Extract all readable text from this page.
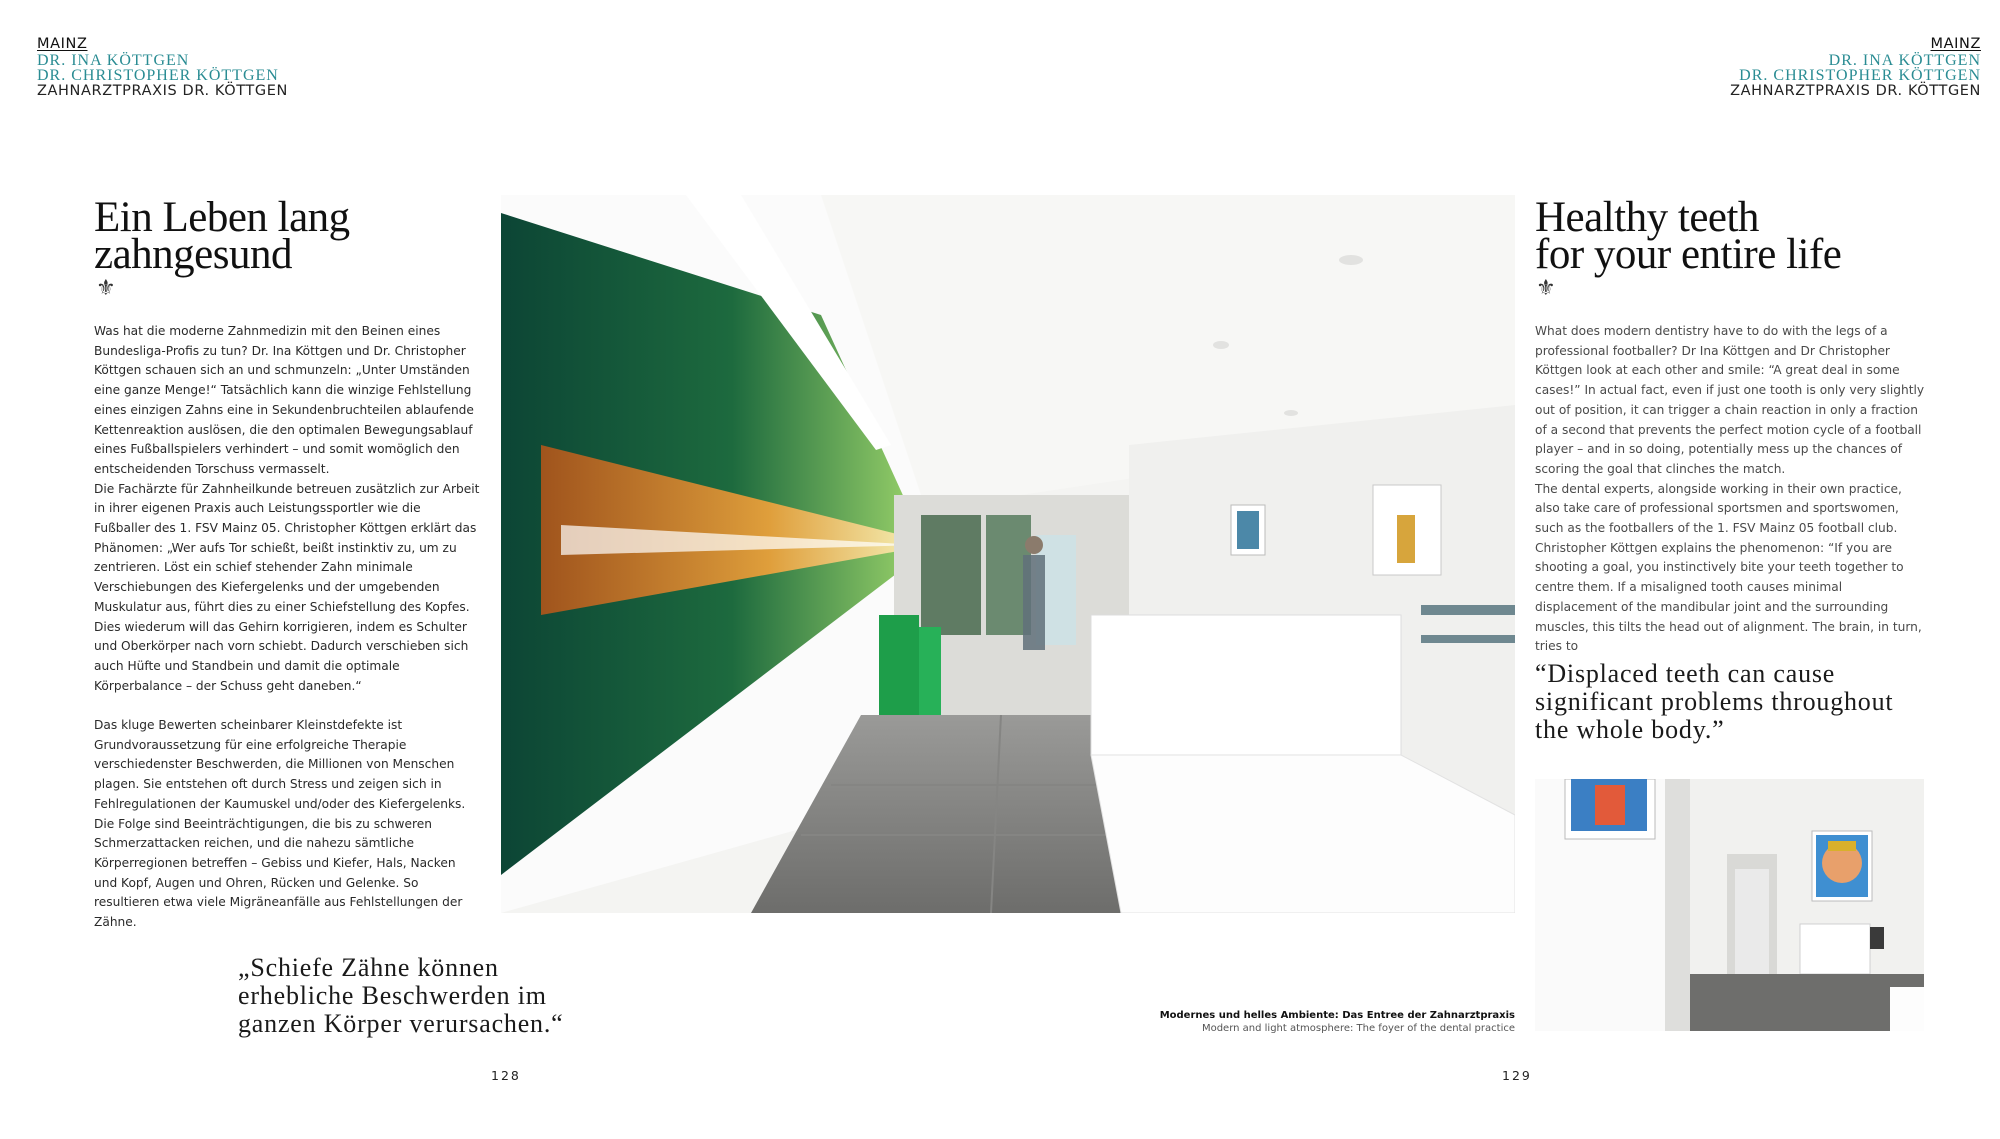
MAINZ
DR. INA KÖTTGEN
DR. CHRISTOPHER KÖTTGEN
ZAHNARZTPRAXIS DR. KÖTTGEN
MAINZ
DR. INA KÖTTGEN
DR. CHRISTOPHER KÖTTGEN
ZAHNARZTPRAXIS DR. KÖTTGEN
Ein Leben lang
zahngesund
⚜

Was hat die moderne Zahnmedizin mit den Beinen eines Bundesliga-Profis zu tun? Dr. Ina Köttgen und Dr. Christopher Köttgen schauen sich an und schmunzeln: „Unter Umständen eine ganze Menge!“ Tatsächlich kann die winzige Fehlstellung eines einzigen Zahns eine in Sekundenbruchteilen ablaufende Kettenreaktion auslösen, die den optimalen Bewegungsablauf eines Fußballspielers verhindert – und somit womöglich den entscheidenden Torschuss vermasselt.

Die Fachärzte für Zahnheilkunde betreuen zusätzlich zur Arbeit in ihrer eigenen Praxis auch Leistungssportler wie die Fußballer des 1. FSV Mainz 05. Christopher Köttgen erklärt das Phänomen: „Wer aufs Tor schießt, beißt instinktiv zu, um zu zentrieren. Löst ein schief stehender Zahn minimale Verschiebungen des Kiefergelenks und der umgebenden Muskulatur aus, führt dies zu einer Schiefstellung des Kopfes. Dies wiederum will das Gehirn korrigieren, indem es Schulter und Oberkörper nach vorn schiebt. Dadurch verschieben sich auch Hüfte und Standbein und damit die optimale Körperbalance – der Schuss geht daneben.“

Das kluge Bewerten scheinbarer Kleinstdefekte ist Grundvoraussetzung für eine erfolgreiche Therapie verschiedenster Beschwerden, die Millionen von Menschen plagen. Sie entstehen oft durch Stress und zeigen sich in Fehlregulationen der Kaumuskel und/oder des Kiefergelenks. Die Folge sind Beeinträchtigungen, die bis zu schweren Schmerzattacken reichen, und die nahezu sämtliche Körperregionen betreffen – Gebiss und Kiefer, Hals, Nacken und Kopf, Augen und Ohren, Rücken und Gelenke. So resultieren etwa viele Migräneanfälle aus Fehlstellungen der Zähne.

„Schiefe Zähne können
erhebliche Beschwerden im
ganzen Körper verursachen.“
128
Modernes und helles Ambiente: Das Entree der Zahnarztpraxis
Modern and light atmosphere: The foyer of the dental practice
Healthy teeth
for your entire life
⚜

What does modern dentistry have to do with the legs of a professional footballer? Dr Ina Köttgen and Dr Christopher Köttgen look at each other and smile: “A great deal in some cases!” In actual fact, even if just one tooth is only very slightly out of position, it can trigger a chain reaction in only a fraction of a second that prevents the perfect motion cycle of a football player – and in so doing, potentially mess up the chances of scoring the goal that clinches the match.

The dental experts, alongside working in their own practice, also take care of professional sportsmen and sportswomen, such as the footballers of the 1. FSV Mainz 05 football club. Christopher Köttgen explains the phenomenon: “If you are shooting a goal, you instinctively bite your teeth together to centre them. If a misaligned tooth causes minimal displacement of the mandibular joint and the surrounding muscles, this tilts the head out of alignment. The brain, in turn, tries to

“Displaced teeth can cause
significant problems throughout
the whole body.”
129
